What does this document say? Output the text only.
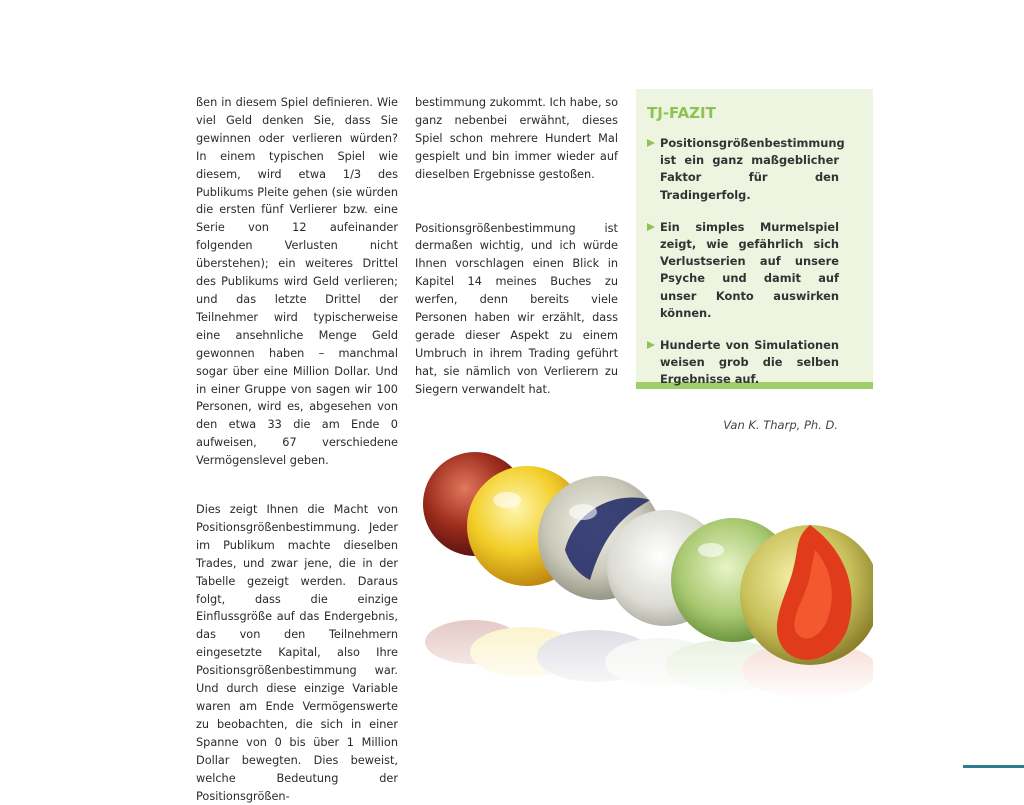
ßen in diesem Spiel definieren. Wie viel Geld denken Sie, dass Sie gewinnen oder verlieren würden? In einem typischen Spiel wie diesem, wird etwa 1/3 des Publikums Pleite gehen (sie würden die ersten fünf Verlierer bzw. eine Serie von 12 aufeinander folgenden Verlusten nicht überstehen); ein weiteres Drittel des Publikums wird Geld verlieren; und das letzte Drittel der Teilnehmer wird typischerweise eine ansehnliche Menge Geld gewonnen haben – manchmal sogar über eine Million Dollar. Und in einer Gruppe von sagen wir 100 Personen, wird es, abgesehen von den etwa 33 die am Ende 0 aufweisen, 67 verschiedene Vermögenslevel geben.

Dies zeigt Ihnen die Macht von Positionsgrößenbestimmung. Jeder im Publikum machte dieselben Trades, und zwar jene, die in der Tabelle gezeigt werden. Daraus folgt, dass die einzige Einflussgröße auf das Endergebnis, das von den Teilnehmern eingesetzte Kapital, also Ihre Positionsgrößenbestimmung war. Und durch diese einzige Variable waren am Ende Vermögenswerte zu beobachten, die sich in einer Spanne von 0 bis über 1 Million Dollar bewegten. Dies beweist, welche Bedeutung der Positionsgrößen-

bestimmung zukommt. Ich habe, so ganz nebenbei erwähnt, dieses Spiel schon mehrere Hundert Mal gespielt und bin immer wieder auf dieselben Ergebnisse gestoßen.

Positionsgrößenbestimmung ist dermaßen wichtig, und ich würde Ihnen vorschlagen einen Blick in Kapitel 14 meines Buches zu werfen, denn bereits viele Personen haben wir erzählt, dass gerade dieser Aspekt zu einem Umbruch in ihrem Trading geführt hat, sie nämlich von Verlierern zu Siegern verwandelt hat.

TJ-FAZIT
Positionsgrößenbestimmung ist ein ganz maßgeblicher Faktor für den Tradingerfolg.
Ein simples Murmelspiel zeigt, wie gefährlich sich Verlustserien auf unsere Psyche und damit auf unser Konto auswirken können.
Hunderte von Simulationen weisen grob die selben Ergebnisse auf.
Van K. Tharp, Ph. D.
